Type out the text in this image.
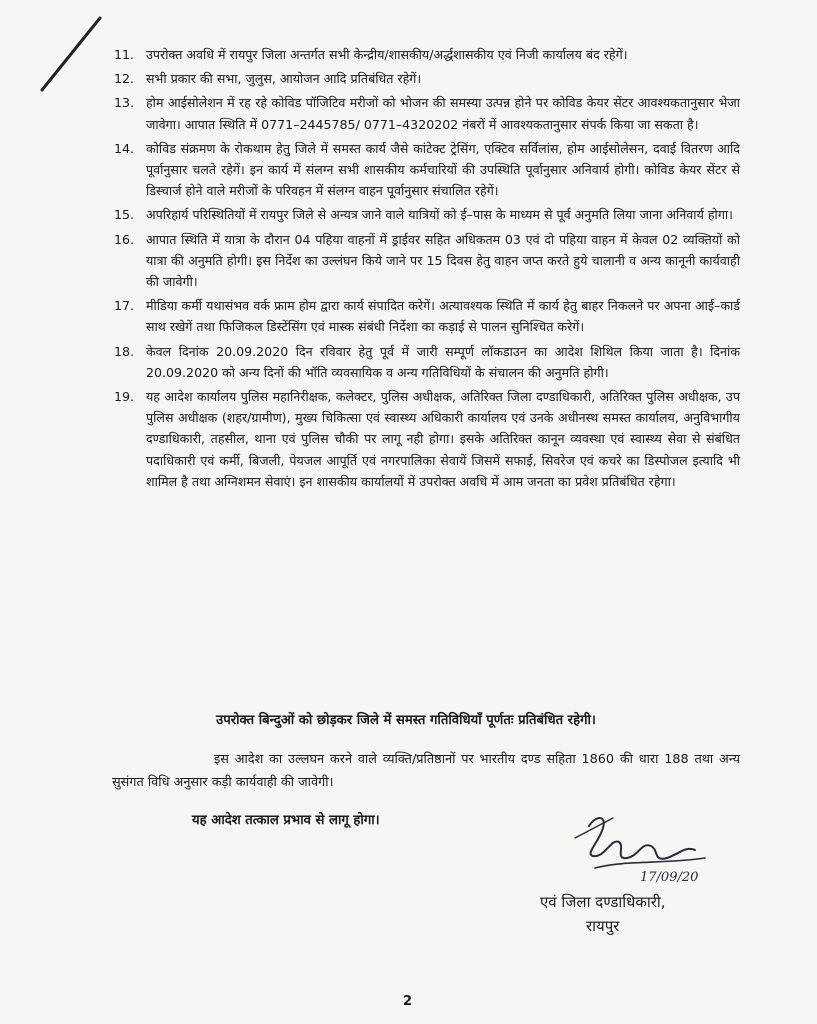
11. उपरोक्त अवधि में रायपुर जिला अन्तर्गत सभी केन्द्रीय/शासकीय/अर्द्धशासकीय एवं निजी कार्यालय बंद रहेगें।
12. सभी प्रकार की सभा, जुलुस, आयोजन आदि प्रतिबंधित रहेगें।
13. होम आईसोलेशन में रह रहे कोविड पॉजिटिव मरीजों को भोजन की समस्या उत्पन्न होने पर कोविड केयर सेंटर आवश्यकतानुसार भेजा जावेगा। आपात स्थिति में 0771–2445785/ 0771–4320202 नंबरों में आवश्यकतानुसार संपर्क किया जा सकता है।
14. कोविड संक्रमण के रोकथाम हेतु जिले में समस्त कार्य जैसे कांटेक्ट ट्रेसिंग, एक्टिव सर्विलांस, होम आईसोलेसन, दवाई वितरण आदि पूर्वानुसार चलते रहेगें। इन कार्य में संलग्न सभी शासकीय कर्मचारियों की उपस्थिति पूर्वानुसार अनिवार्य होगी। कोविड केयर सेंटर से डिस्चार्ज होने वाले मरीजों के परिवहन में संलग्न वाहन पूर्वानुसार संचालित रहेगें।
15. अपरिहार्य परिस्थितियों में रायपुर जिले से अन्यत्र जाने वाले यात्रियों को ई–पास के माध्यम से पूर्व अनुमति लिया जाना अनिवार्य होगा।
16. आपात स्थिति में यात्रा के दौरान 04 पहिया वाहनों में ड्राईवर सहित अधिकतम 03 एवं दो पहिया वाहन में केवल 02 व्यक्तियों को यात्रा की अनुमति होगी। इस निर्देश का उल्लंघन किये जाने पर 15 दिवस हेतु वाहन जप्त करते हुये चालानी व अन्य कानूनी कार्यवाही की जावेगी।
17. मीडिया कर्मी यथासंभव वर्क फ्राम होम द्वारा कार्य संपादित करेगें। अत्यावश्यक स्थिति में कार्य हेतु बाहर निकलने पर अपना आई–कार्ड साथ रखेगें तथा फिजिकल डिस्टेंसिंग एवं मास्क संबंधी निर्देशा का कड़ाई से पालन सुनिश्चित करेगें।
18. केवल दिनांक 20.09.2020 दिन रविवार हेतु पूर्व में जारी सम्पूर्ण लॉकडाउन का आदेश शिथिल किया जाता है। दिनांक 20.09.2020 को अन्य दिनों की भॉति व्यवसायिक व अन्य गतिविधियों के संचालन की अनुमति होगी।
19. यह आदेश कार्यालय पुलिस महानिरीक्षक, कलेक्टर, पुलिस अधीक्षक, अतिरिक्त जिला दण्डाधिकारी, अतिरिक्त पुलिस अधीक्षक, उप पुलिस अधीक्षक (शहर/ग्रामीण), मुख्य चिकित्सा एवं स्वास्थ्य अधिकारी कार्यालय एवं उनके अधीनस्थ समस्त कार्यालय, अनुविभागीय दण्डाधिकारी, तहसील, थाना एवं पुलिस चौकी पर लागू नही होगा। इसके अतिरिक्त कानून व्यवस्था एवं स्वास्थ्य सेवा से संबंधित पदाधिकारी एवं कर्मी, बिजली, पेयजल आपूर्ति एवं नगरपालिका सेवायें जिसमें सफाई, सिवरेज एवं कचरे का डिस्पोजल इत्यादि भी शामिल है तथा अग्निशमन सेवाएं। इन शासकीय कार्यालयों में उपरोक्त अवधि में आम जनता का प्रवेश प्रतिबंधित रहेगा।
उपरोक्त बिन्दुओं को छोड़कर जिले में समस्त गतिविधियॉं पूर्णतः प्रतिबंधित रहेगी।
इस आदेश का उल्लघन करने वाले व्यक्ति/प्रतिष्ठानों पर भारतीय दण्ड सहिता 1860 की धारा 188 तथा अन्य सुसंगत विधि अनुसार कड़ी कार्यवाही की जावेगी।
यह आदेश तत्काल प्रभाव से लागू होगा।
17/09/20
एवं जिला दण्डाधिकारी,
रायपुर
2
